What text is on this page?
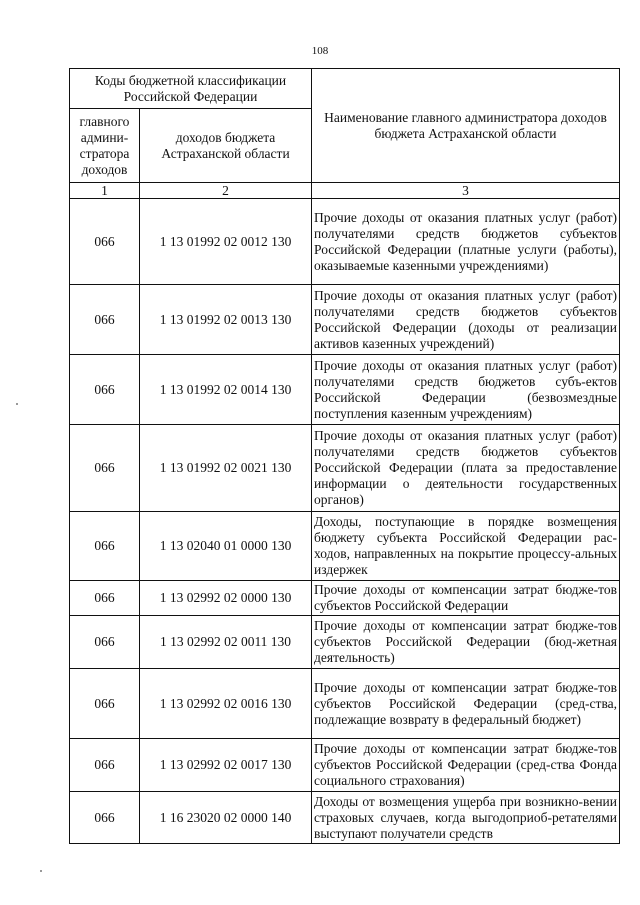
108
Коды бюджетной классификации Российской Федерации		Наименование главного администратора доходов бюджета Астраханской области
главного админи-стратора доходов	доходов бюджета Астраханской области	
1	2	3
066	1 13 01992 02 0012 130	Прочие доходы от оказания платных услуг (работ) получателями средств бюджетов субъектов Российской Федерации (платные услуги (работы), оказываемые казенными учреждениями)

066	1 13 01992 02 0013 130	Прочие доходы от оказания платных услуг (работ) получателями средств бюджетов субъектов Российской Федерации (доходы от реализации активов казенных учреждений)

066	1 13 01992 02 0014 130	Прочие доходы от оказания платных услуг (работ) получателями средств бюджетов субъ-ектов Российской Федерации (безвозмездные поступления казенным учреждениям)

066	1 13 01992 02 0021 130	Прочие доходы от оказания платных услуг (работ) получателями средств бюджетов субъектов Российской Федерации (плата за предоставление информации о деятельности государственных органов)

066	1 13 02040 01 0000 130	Доходы, поступающие в порядке возмещения бюджету субъекта Российской Федерации рас-ходов, направленных на покрытие процессу-альных издержек

066	1 13 02992 02 0000 130	Прочие доходы от компенсации затрат бюдже-тов субъектов Российской Федерации

066	1 13 02992 02 0011 130	Прочие доходы от компенсации затрат бюдже-тов субъектов Российской Федерации (бюд-жетная деятельность)

066	1 13 02992 02 0016 130	Прочие доходы от компенсации затрат бюдже-тов субъектов Российской Федерации (сред-ства, подлежащие возврату в федеральный бюджет)

066	1 13 02992 02 0017 130	Прочие доходы от компенсации затрат бюдже-тов субъектов Российской Федерации (сред-ства Фонда социального страхования)

066	1 16 23020 02 0000 140	Доходы от возмещения ущерба при возникно-вении страховых случаев, когда выгодоприоб-ретателями выступают получатели средств
